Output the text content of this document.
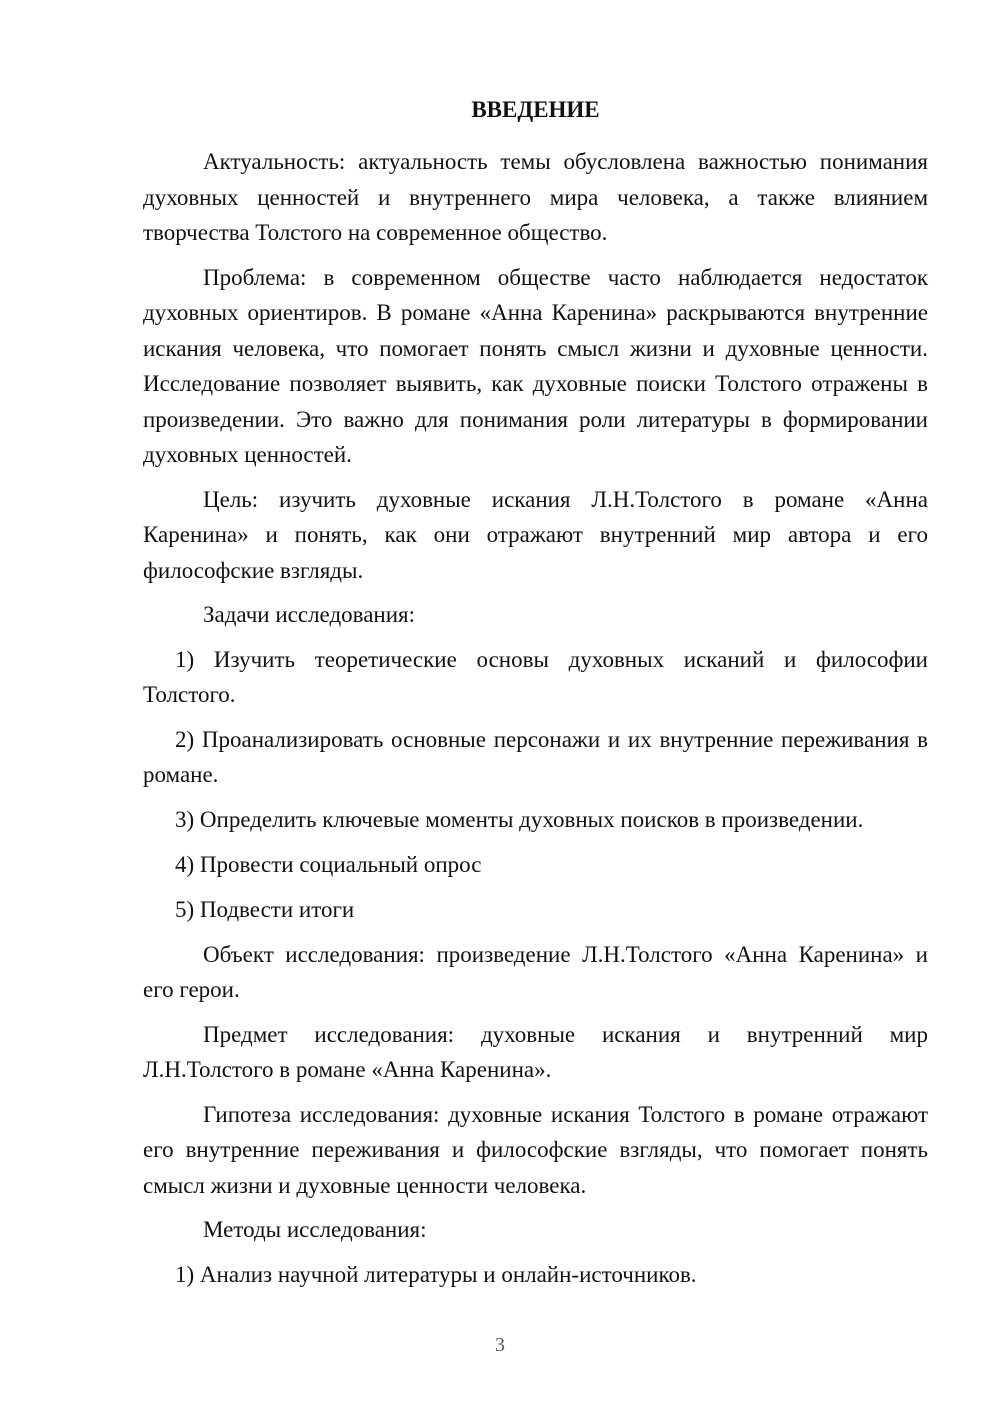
ВВЕДЕНИЕ

Актуальность: актуальность темы обусловлена важностью понимания духовных ценностей и внутреннего мира человека, а также влиянием творчества Толстого на современное общество.

Проблема: в современном обществе часто наблюдается недостаток духовных ориентиров. В романе «Анна Каренина» раскрываются внутренние искания человека, что помогает понять смысл жизни и духовные ценности. Исследование позволяет выявить, как духовные поиски Толстого отражены в произведении. Это важно для понимания роли литературы в формировании духовных ценностей.

Цель: изучить духовные искания Л.Н.Толстого в романе «Анна Каренина» и понять, как они отражают внутренний мир автора и его философские взгляды.

Задачи исследования:

1) Изучить теоретические основы духовных исканий и философии Толстого.

2) Проанализировать основные персонажи и их внутренние переживания в романе.

3) Определить ключевые моменты духовных поисков в произведении.

4) Провести социальный опрос

5) Подвести итоги

Объект исследования: произведение Л.Н.Толстого «Анна Каренина» и его герои.

Предмет исследования: духовные искания и внутренний мир Л.Н.Толстого в романе «Анна Каренина».

Гипотеза исследования: духовные искания Толстого в романе отражают его внутренние переживания и философские взгляды, что помогает понять смысл жизни и духовные ценности человека.

Методы исследования:

1) Анализ научной литературы и онлайн-источников.

3
